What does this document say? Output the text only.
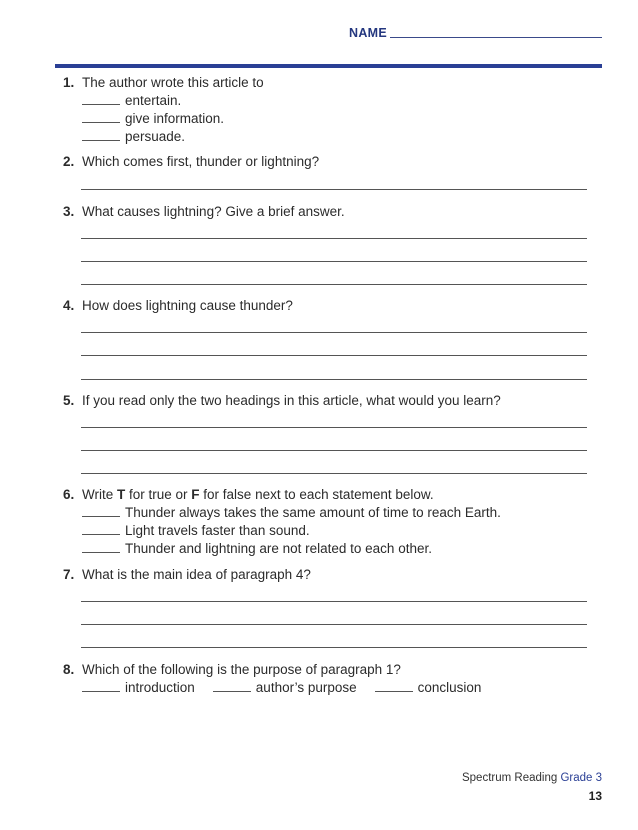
NAME
1. The author wrote this article to
entertain.
give information.
persuade.
2. Which comes first, thunder or lightning?
3. What causes lightning? Give a brief answer.
4. How does lightning cause thunder?
5. If you read only the two headings in this article, what would you learn?
6. Write T for true or F for false next to each statement below.
Thunder always takes the same amount of time to reach Earth.
Light travels faster than sound.
Thunder and lightning are not related to each other.
7. What is the main idea of paragraph 4?
8. Which of the following is the purpose of paragraph 1?
introduction	author’s purpose	conclusion
Spectrum Reading Grade 3
13
